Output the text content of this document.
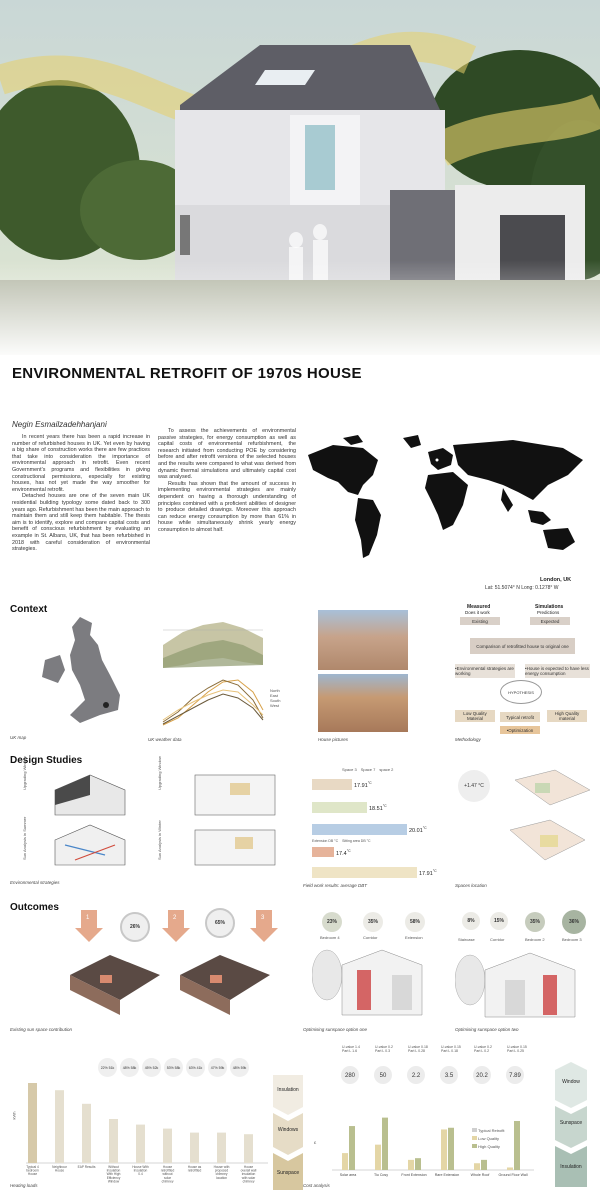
ENVIRONMENTAL RETROFIT OF 1970S HOUSE
Negin Esmailzadehhanjani

In recent years there has been a rapid increase in number of refurbished houses in UK. Yet even by having a big share of construction works there are few practices that take into consideration the importance of environmental approach in retrofit. Even recent Government's programs and flexibilities in giving constructional permissions, especially for existing houses, has not yet made the way smoother for environmental retrofit.

Detached houses are one of the seven main UK residential building typology some dated back to 300 years ago. Refurbishment has been the main approach to maintain them and still keep them habitable. The thesis aim is to identify, explore and compare capital costs and benefit of conscious refurbishment by evaluating an example in St. Albans, UK, that has been refurbished in 2018 with careful consideration of environmental strategies.

To assess the achievements of environmental passive strategies, for energy consumption as well as capital costs of environmental refurbishment, the research initiated from conducting POE by considering before and after retrofit versions of the selected houses and the results were compared to what was derived from dynamic thermal simulations and ultimately capital cost was analysed.

Results has shown that the amount of success in implementing environmental strategies are mainly dependent on having a thorough understanding of principles combined with a proficient abilities of designer to produce detailed drawings. Moreover this approach can reduce energy consumption by more than 61% in house while simultaneously shrink yearly energy consumption to almost half.

London, UK
Lat: 51.5074° N Long: 0.1278° W
Context
UK map
North
East
South
West
UK weather data	House pictures
Measured
Does it work
Simulations
Predictions
Existing	Expected
Comparison of retrofitted house to original one
•Environmental strategies are working
•House is expected to have less energy consumption
HYPOTHESIS
Low Quality Material	Typical retrofit
High Quality material
•Optimization
Methodology
Design Studies
Upgrading Window
Sun Analysis in Summer
Environmental strategies
Upgrading Window
Sun Analysis in Winter
Space 3 Space 7 space 2
$17.91^{^\circ C}$
$18.51^{^\circ C}$
$20.01^{^\circ C}$
Extension DB °C Sitting area DB °C
$17.4^{^\circ C}$
$17.91^{^\circ C}$
Field work results: average DBT
+1.47 °C
Spaces location
Outcomes
1
26%
2
65%
3
Existing sun space contribution
23%	35%	58%
Bedroom 4	Corridor	Extension
Optimising sunspace option one
8%	15%	35%	36%
Staircase	Corridor	Bedroom 2	Bedroom 3
Optimising sunspace option two
22% 51k	48% 58k	45% 52k	53% 58k	63% 41k	47% 59k	48% 59k
kWh
Typical 4 bedroom House
Neighbour House
EAP Results	Without Insulation With High Efficiency Window
House With Insulation 0.4
House retrofitted without solar chimney
House as retrofitted
House with proposed chimney location
House overall wall insulation with solar chimney
Heating loads
Insulation
Windows
Sunspace
U-value 1.4 Part L 1.6
U-value 0.2 Part L 0.3
U-value 0.18 Part L 0.28
U-value 0.15 Part L 0.18
U-value 0.2 Part L 0.2
U-value 0.15 Part L 0.25
£
Typical Retrofit
Low Quality
High Quality
280
Solar area
50
Tiu Cosy
2.2
Front Extension
3.5
Rare Extension
20.2
Whole Roof
7.89
Ground Floor Wall
Cost analysis
Window
Sunspace
Insulation
